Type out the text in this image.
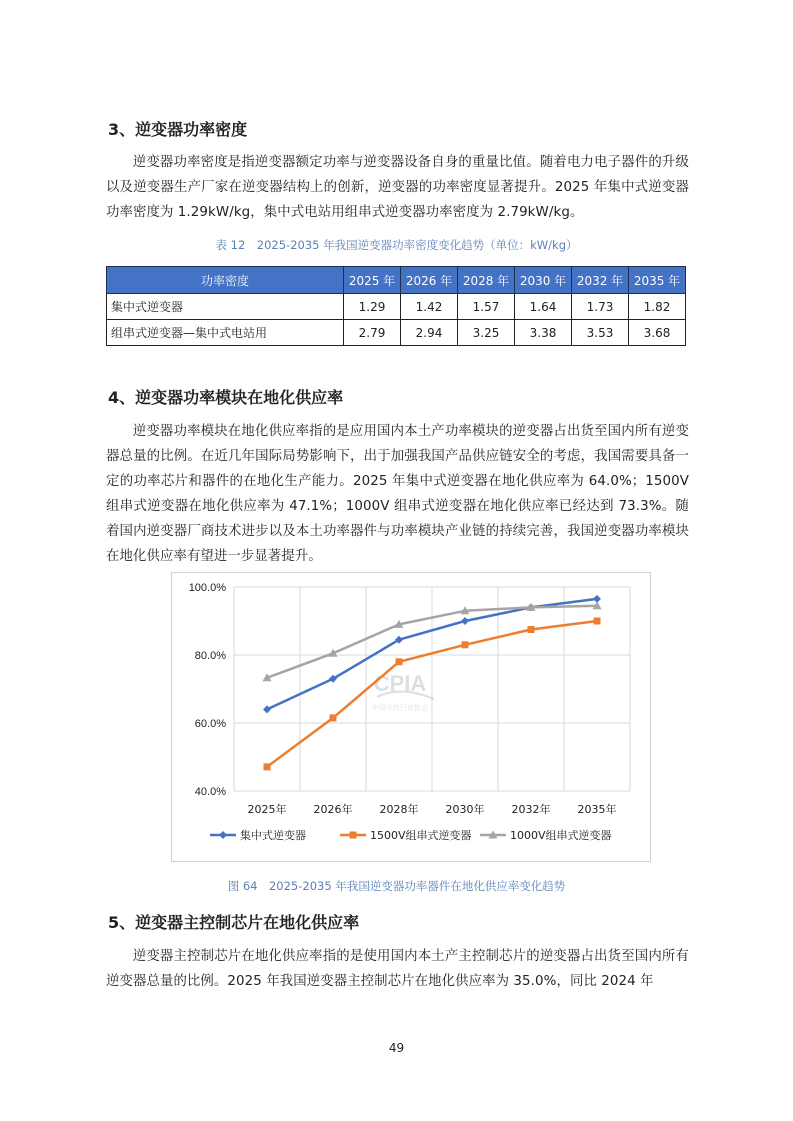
3、逆变器功率密度

逆变器功率密度是指逆变器额定功率与逆变器设备自身的重量比值。随着电力电子器件的升级以及逆变器生产厂家在逆变器结构上的创新，逆变器的功率密度显著提升。2025 年集中式逆变器功率密度为 1.29kW/kg，集中式电站用组串式逆变器功率密度为 2.79kW/kg。

表 12　2025-2035 年我国逆变器功率密度变化趋势（单位：kW/kg）

功率密度	2025 年	2026 年	2028 年	2030 年	2032 年	2035 年
集中式逆变器	1.29	1.42	1.57	1.64	1.73	1.82
组串式逆变器—集中式电站用	2.79	2.94	3.25	3.38	3.53	3.68
4、逆变器功率模块在地化供应率

逆变器功率模块在地化供应率指的是应用国内本土产功率模块的逆变器占出货至国内所有逆变器总量的比例。在近几年国际局势影响下，出于加强我国产品供应链安全的考虑，我国需要具备一定的功率芯片和器件的在地化生产能力。2025 年集中式逆变器在地化供应率为 64.0%；1500V 组串式逆变器在地化供应率为 47.1%；1000V 组串式逆变器在地化供应率已经达到 73.3%。随着国内逆变器厂商技术进步以及本土功率器件与功率模块产业链的持续完善，我国逆变器功率模块在地化供应率有望进一步显著提升。

100.0%
80.0%
60.0%
40.0%
2025年 2026年 2028年 2030年 2032年 2035年
CPIA
中国光伏行业协会
集中式逆变器	1500V组串式逆变器	1000V组串式逆变器

图 64　2025-2035 年我国逆变器功率器件在地化供应率变化趋势

5、逆变器主控制芯片在地化供应率

逆变器主控制芯片在地化供应率指的是使用国内本土产主控制芯片的逆变器占出货至国内所有逆变器总量的比例。2025 年我国逆变器主控制芯片在地化供应率为 35.0%，同比 2024 年

49
